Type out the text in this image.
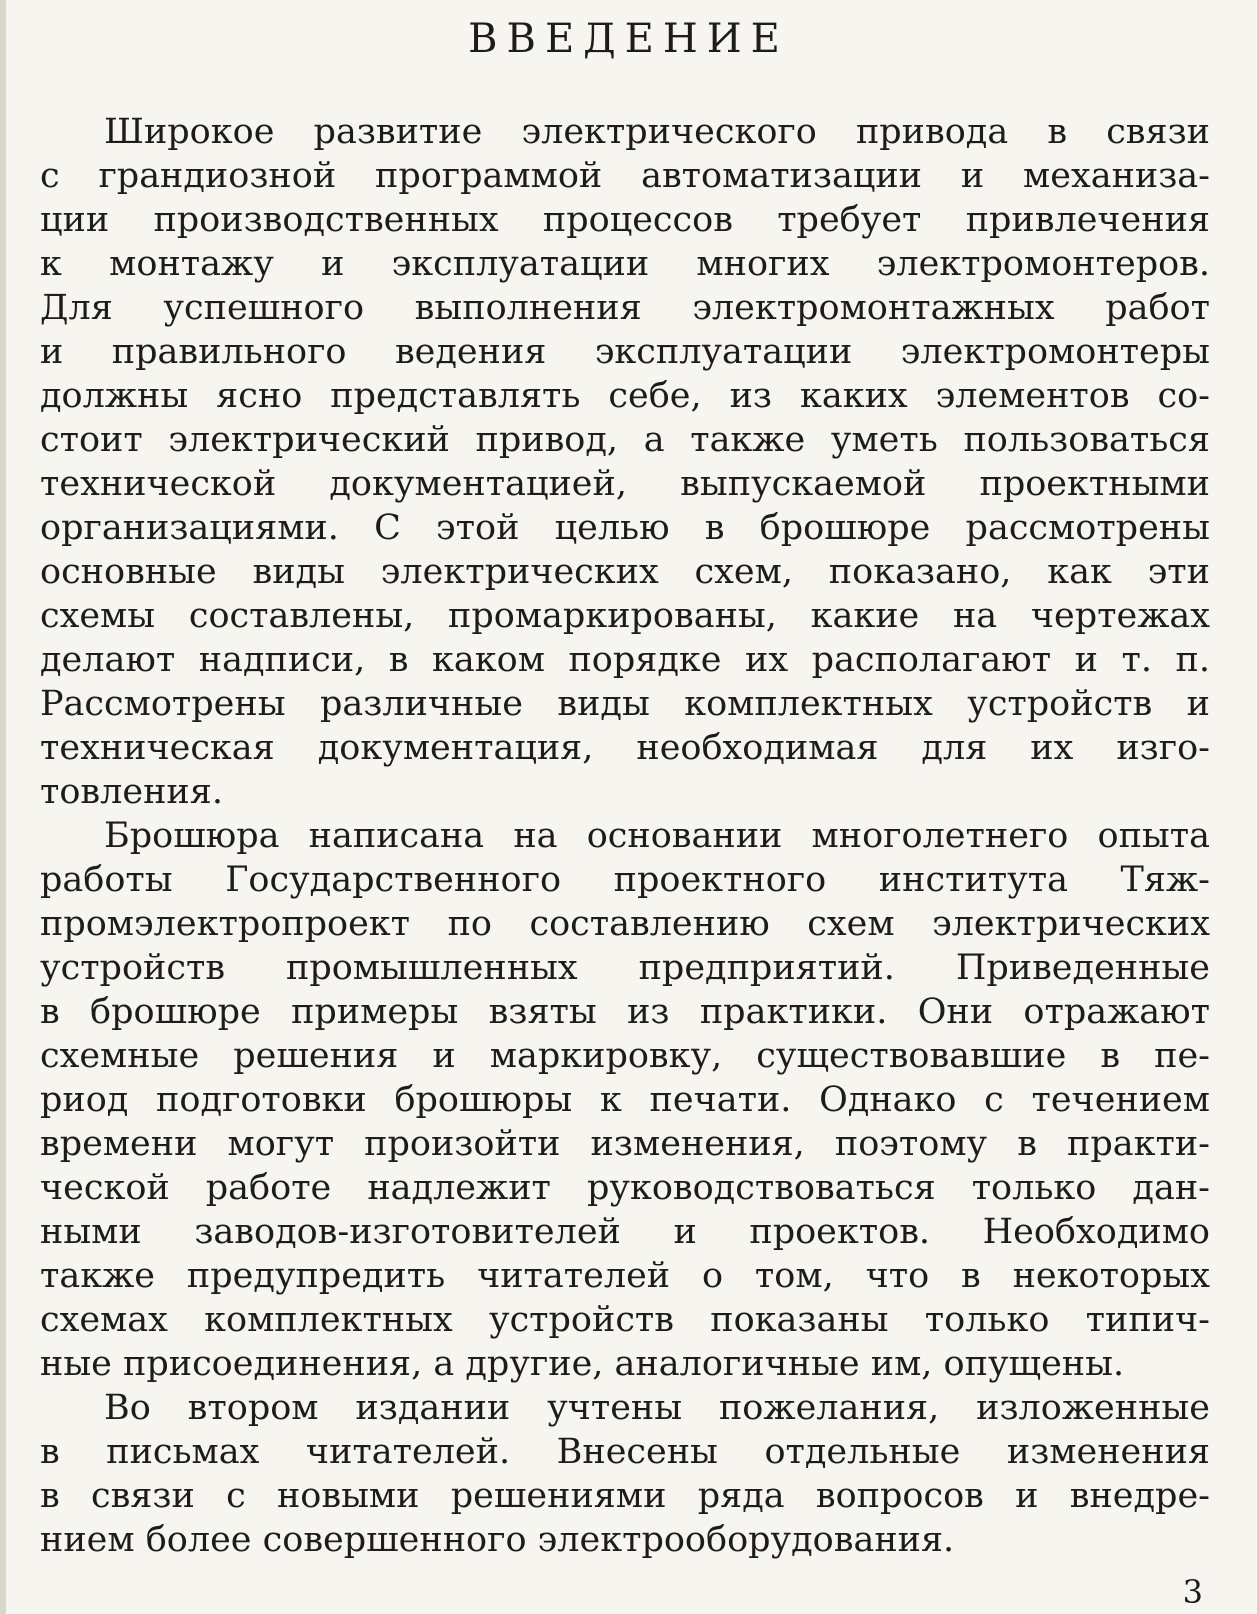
ВВЕДЕНИЕ
Широкое развитие электрического привода в связи
с грандиозной программой автоматизации и механиза-
ции производственных процессов требует привлечения
к монтажу и эксплуатации многих электромонтеров.
Для успешного выполнения электромонтажных работ
и правильного ведения эксплуатации электромонтеры
должны ясно представлять себе, из каких элементов со-
стоит электрический привод, а также уметь пользоваться
технической документацией, выпускаемой проектными
организациями. С этой целью в брошюре рассмотрены
основные виды электрических схем, показано, как эти
схемы составлены, промаркированы, какие на чертежах
делают надписи, в каком порядке их располагают и т. п.
Рассмотрены различные виды комплектных устройств и
техническая документация, необходимая для их изго-
товления.
Брошюра написана на основании многолетнего опыта
работы Государственного проектного института Тяж-
промэлектропроект по составлению схем электрических
устройств промышленных предприятий. Приведенные
в брошюре примеры взяты из практики. Они отражают
схемные решения и маркировку, существовавшие в пе-
риод подготовки брошюры к печати. Однако с течением
времени могут произойти изменения, поэтому в практи-
ческой работе надлежит руководствоваться только дан-
ными заводов-изготовителей и проектов. Необходимо
также предупредить читателей о том, что в некоторых
схемах комплектных устройств показаны только типич-
ные присоединения, а другие, аналогичные им, опущены.
Во втором издании учтены пожелания, изложенные
в письмах читателей. Внесены отдельные изменения
в связи с новыми решениями ряда вопросов и внедре-
нием более совершенного электрооборудования.
3
